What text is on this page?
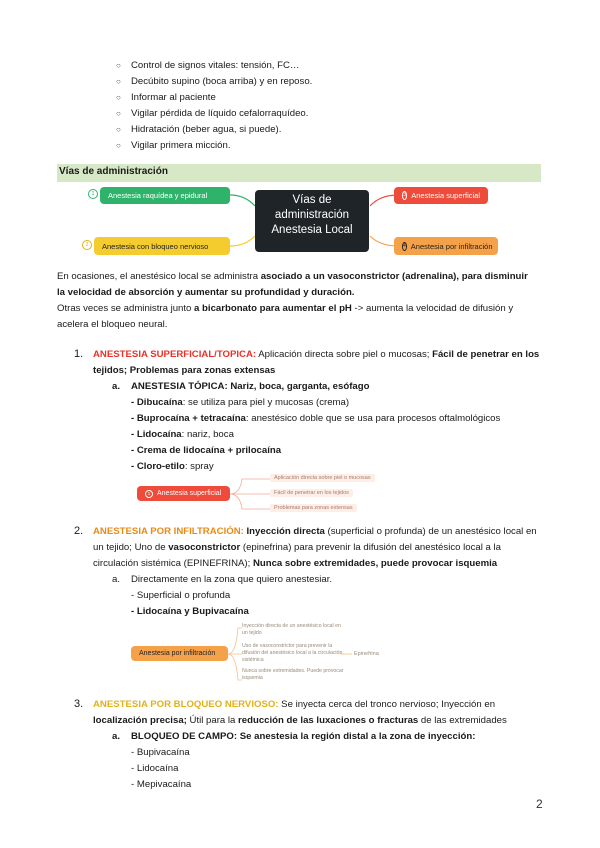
○	Control de signos vitales: tensión, FC…
○	Decúbito supino (boca arriba) y en reposo.
○	Informar al paciente
○	Vigilar pérdida de líquido cefalorraquídeo.
○	Hidratación (beber agua, si puede).
○	Vigilar primera micción.
Vías de administración
1	Anestesia raquídea y epidural
2	Anestesia con bloqueo nervioso
Vías de
administración
Anestesia Local
3 Anestesia superficial
4 Anestesia por infiltración
En ocasiones, el anestésico local se administra asociado a un vasoconstrictor (adrenalina), para disminuir
la velocidad de absorción y aumentar su profundidad y duración.
Otras veces se administra junto a bicarbonato para aumentar el pH -> aumenta la velocidad de difusión y
acelera el bloqueo neural.
1. ANESTESIA SUPERFICIAL/TOPICA: Aplicación directa sobre piel o mucosas; Fácil de penetrar en los
tejidos; Problemas para zonas extensas
a. ANESTESIA TÓPICA: Nariz, boca, garganta, esófago
- Dibucaína: se utiliza para piel y mucosas (crema)
- Buprocaína + tetracaína: anestésico doble que se usa para procesos oftalmológicos
- Lidocaína: nariz, boca
- Crema de lidocaína + prilocaína
- Cloro-etilo: spray
1 Anestesia superficial
Aplicación directa sobre piel o mucosas
Fácil de penetrar en los tejidos
Problemas para zonas extensas
2. ANESTESIA POR INFILTRACIÓN: Inyección directa (superficial o profunda) de un anestésico local en
un tejido; Uno de vasoconstrictor (epinefrina) para prevenir la difusión del anestésico local a la
circulación sistémica (EPINEFRINA); Nunca sobre extremidades, puede provocar isquemia
a. Directamente en la zona que quiero anestesiar.
- Superficial o profunda
- Lidocaína y Bupivacaína
Anestesia por infiltración
Inyección directa de un anestésico local en un tejido
Uso de vasoconstrictor para prevenir la difusión del anestésico local a la circulación sistémica
Nunca sobre extremidades. Puede provocar isquemia
Epinefrina
3. ANESTESIA POR BLOQUEO NERVIOSO: Se inyecta cerca del tronco nervioso; Inyección en
localización precisa; Útil para la reducción de las luxaciones o fracturas de las extremidades
a. BLOQUEO DE CAMPO: Se anestesia la región distal a la zona de inyección:
- Bupivacaína
- Lidocaína
- Mepivacaína
2
